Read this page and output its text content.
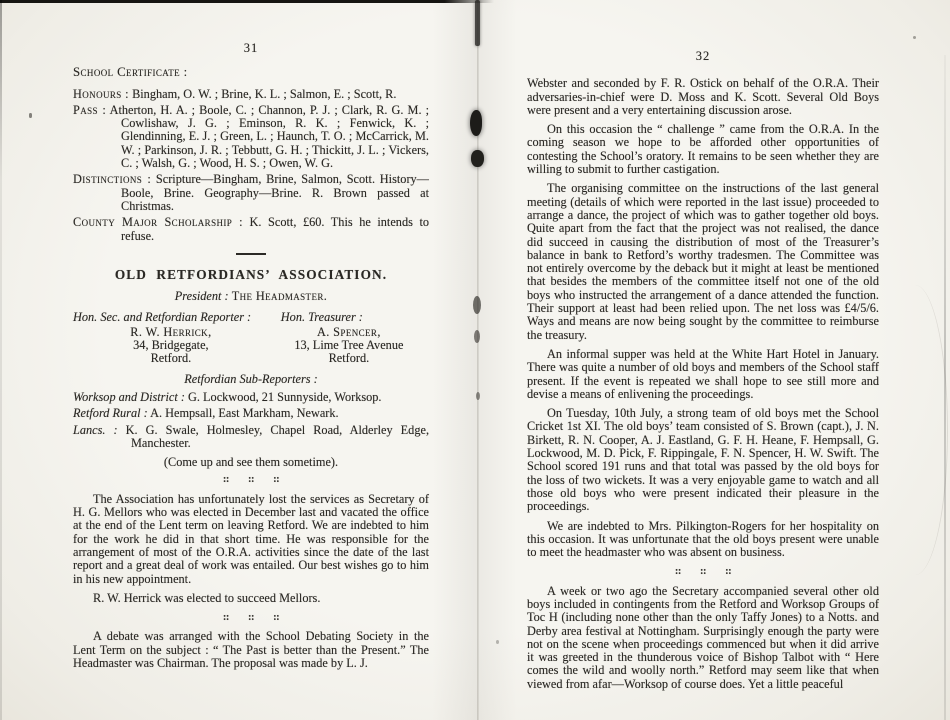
31

School Certificate :

Honours : Bingham, O. W. ; Brine, K. L. ; Salmon, E. ; Scott, R.

Pass : Atherton, H. A. ; Boole, C. ; Channon, P. J. ; Clark, R. G. M. ; Cowlishaw, J. G. ; Eminson, R. K. ; Fenwick, K. ; Glendinning, E. J. ; Green, L. ; Haunch, T. O. ; McCarrick, M. W. ; Parkinson, J. R. ; Tebbutt, G. H. ; Thickitt, J. L. ; Vickers, C. ; Walsh, G. ; Wood, H. S. ; Owen, W. G.

Distinctions : Scripture—Bingham, Brine, Salmon, Scott. History—Boole, Brine. Geography—Brine. R. Brown passed at Christmas.

County Major Scholarship : K. Scott, £60. This he intends to refuse.

OLD RETFORDIANS’ ASSOCIATION.

President : The Headmaster.

Hon. Sec. and Retfordian Reporter :

R. W. Herrick,

34, Bridgegate,

Retford.

Hon. Treasurer :

A. Spencer,

13, Lime Tree Avenue

Retford.

Retfordian Sub-Reporters :

Worksop and District : G. Lockwood, 21 Sunnyside, Worksop.

Retford Rural : A. Hempsall, East Markham, Newark.

Lancs. : K. G. Swale, Holmesley, Chapel Road, Alderley Edge, Manchester.

(Come up and see them sometime).

:: :: ::

The Association has unfortunately lost the services as Secretary of H. G. Mellors who was elected in December last and vacated the office at the end of the Lent term on leaving Retford. We are indebted to him for the work he did in that short time. He was responsible for the arrangement of most of the O.R.A. activities since the date of the last report and a great deal of work was entailed. Our best wishes go to him in his new appointment.

R. W. Herrick was elected to succeed Mellors.

:: :: ::

A debate was arranged with the School Debating Society in the Lent Term on the subject : “ The Past is better than the Present.” The Headmaster was Chairman. The proposal was made by L. J.

32

Webster and seconded by F. R. Ostick on behalf of the O.R.A. Their adversaries-in-chief were D. Moss and K. Scott. Several Old Boys were present and a very entertaining discussion arose.

On this occasion the “ challenge ” came from the O.R.A. In the coming season we hope to be afforded other opportunities of contesting the School’s oratory. It remains to be seen whether they are willing to submit to further castigation.

The organising committee on the instructions of the last general meeting (details of which were reported in the last issue) proceeded to arrange a dance, the project of which was to gather together old boys. Quite apart from the fact that the project was not realised, the dance did succeed in causing the distribution of most of the Treasurer’s balance in bank to Retford’s worthy tradesmen. The Committee was not entirely overcome by the deback but it might at least be mentioned that besides the members of the committee itself not one of the old boys who instructed the arrangement of a dance attended the function. Their support at least had been relied upon. The net loss was £4/5/6. Ways and means are now being sought by the committee to reimburse the treasury.

An informal supper was held at the White Hart Hotel in January. There was quite a number of old boys and members of the School staff present. If the event is repeated we shall hope to see still more and devise a means of enlivening the proceedings.

On Tuesday, 10th July, a strong team of old boys met the School Cricket 1st XI. The old boys’ team consisted of S. Brown (capt.), J. N. Birkett, R. N. Cooper, A. J. Eastland, G. F. H. Heane, F. Hempsall, G. Lockwood, M. D. Pick, F. Rippingale, F. N. Spencer, H. W. Swift. The School scored 191 runs and that total was passed by the old boys for the loss of two wickets. It was a very enjoyable game to watch and all those old boys who were present indicated their pleasure in the proceedings.

We are indebted to Mrs. Pilkington-Rogers for her hospitality on this occasion. It was unfortunate that the old boys present were unable to meet the headmaster who was absent on business.

:: :: ::

A week or two ago the Secretary accompanied several other old boys included in contingents from the Retford and Worksop Groups of Toc H (including none other than the only Taffy Jones) to a Notts. and Derby area festival at Nottingham. Surprisingly enough the party were not on the scene when proceedings commenced but when it did arrive it was greeted in the thunderous voice of Bishop Talbot with “ Here comes the wild and woolly north.” Retford may seem like that when viewed from afar—Worksop of course does. Yet a little peaceful
